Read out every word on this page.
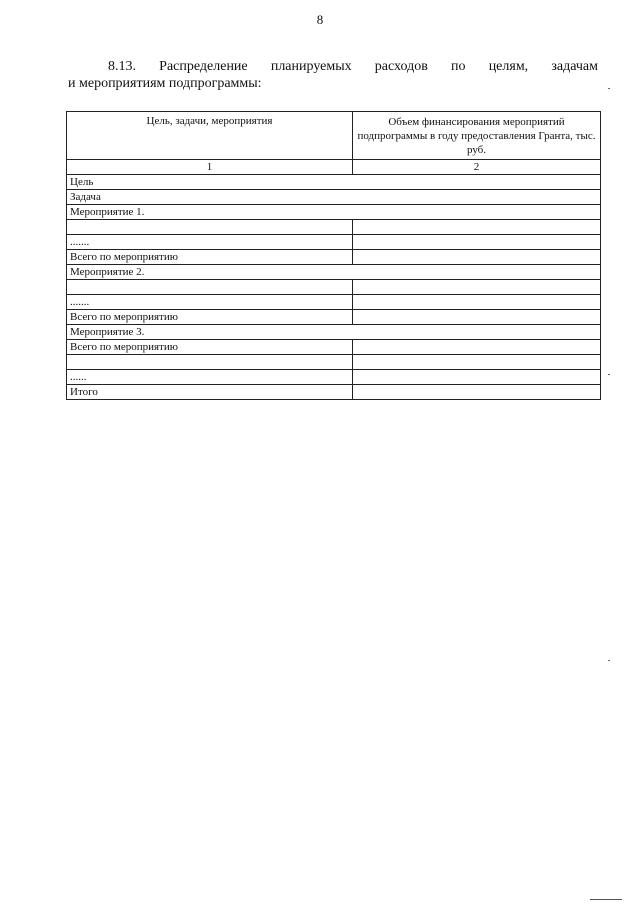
8
8.13. Распределение планируемых расходов по целям, задачам
и мероприятиям подпрограммы:
Цель, задачи, мероприятия	Объем финансирования мероприятий подпрограммы в году предоставления Гранта, тыс. руб.
1	2
Цель	
Задача	
Мероприятие 1.	

.......	
Всего по мероприятию	
Мероприятие 2.	

.......	
Всего по мероприятию	
Мероприятие 3.	
Всего по мероприятию	

......	
Итого	
